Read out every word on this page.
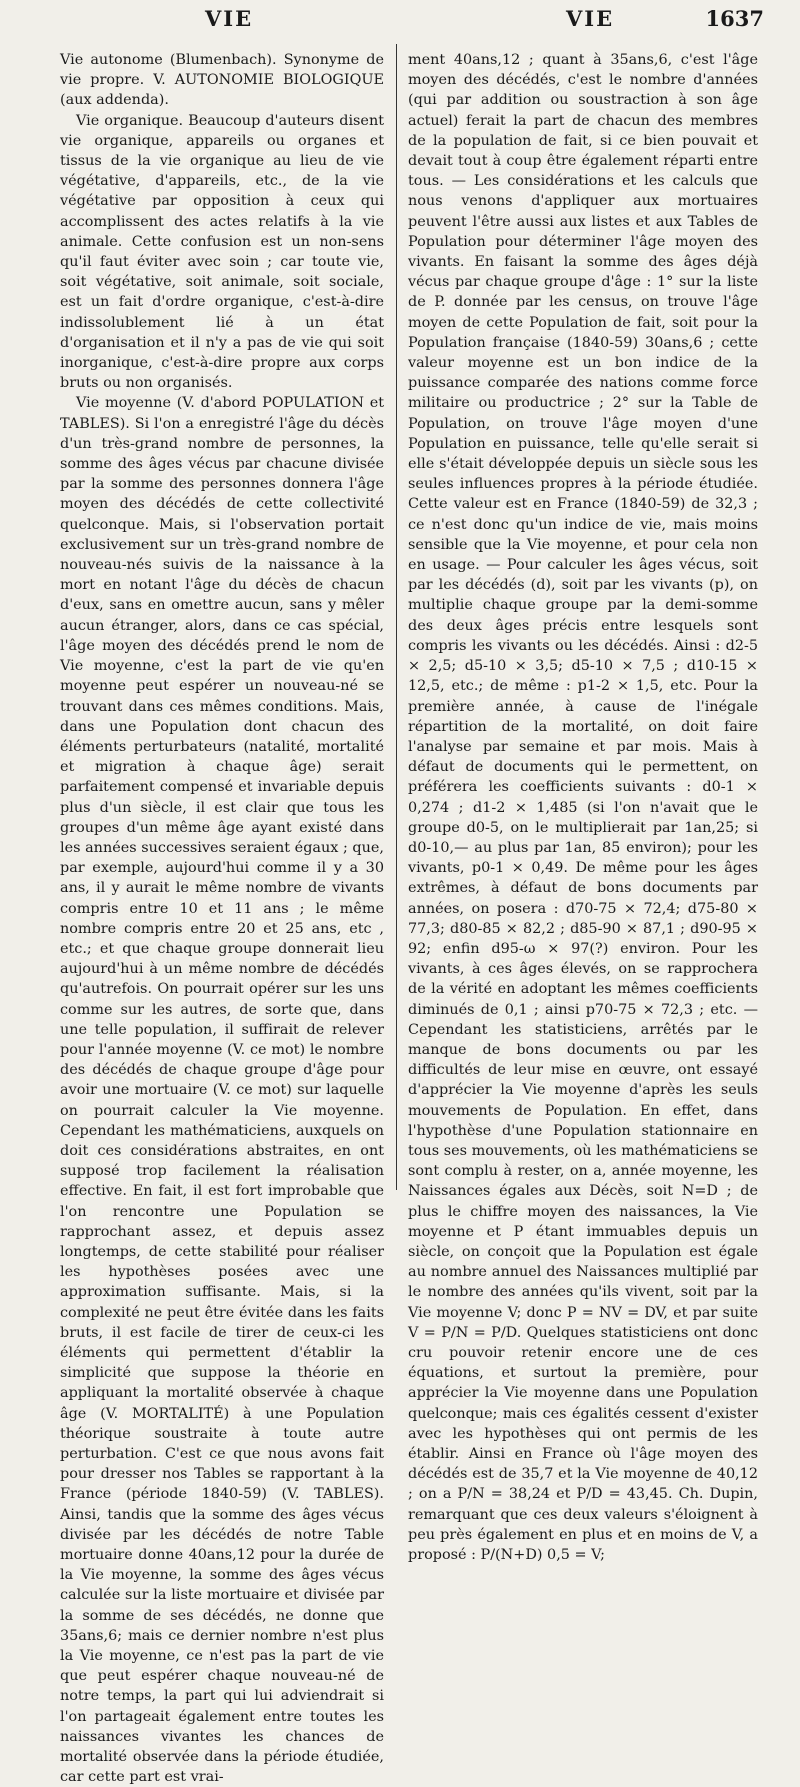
VIE	VIE	1637

Vie autonome (Blumenbach). Synonyme de vie propre. V. AUTONOMIE BIOLOGIQUE (aux addenda).

Vie organique. Beaucoup d'auteurs disent vie organique, appareils ou organes et tissus de la vie organique au lieu de vie végétative, d'appareils, etc., de la vie végétative par opposition à ceux qui accomplissent des actes relatifs à la vie animale. Cette confusion est un non-sens qu'il faut éviter avec soin ; car toute vie, soit végétative, soit animale, soit sociale, est un fait d'ordre organique, c'est-à-dire indissolublement lié à un état d'organisation et il n'y a pas de vie qui soit inorganique, c'est-à-dire propre aux corps bruts ou non organisés.

Vie moyenne (V. d'abord POPULATION et TABLES). Si l'on a enregistré l'âge du décès d'un très-grand nombre de personnes, la somme des âges vécus par chacune divisée par la somme des personnes donnera l'âge moyen des décédés de cette collectivité quelconque. Mais, si l'observation portait exclusivement sur un très-grand nombre de nouveau-nés suivis de la naissance à la mort en notant l'âge du décès de chacun d'eux, sans en omettre aucun, sans y mêler aucun étranger, alors, dans ce cas spécial, l'âge moyen des décédés prend le nom de Vie moyenne, c'est la part de vie qu'en moyenne peut espérer un nouveau-né se trouvant dans ces mêmes conditions. Mais, dans une Population dont chacun des éléments perturbateurs (natalité, mortalité et migration à chaque âge) serait parfaitement compensé et invariable depuis plus d'un siècle, il est clair que tous les groupes d'un même âge ayant existé dans les années successives seraient égaux ; que, par exemple, aujourd'hui comme il y a 30 ans, il y aurait le même nombre de vivants compris entre 10 et 11 ans ; le même nombre compris entre 20 et 25 ans, etc , etc.; et que chaque groupe donnerait lieu aujourd'hui à un même nombre de décédés qu'autrefois. On pourrait opérer sur les uns comme sur les autres, de sorte que, dans une telle population, il suffirait de relever pour l'année moyenne (V. ce mot) le nombre des décédés de chaque groupe d'âge pour avoir une mortuaire (V. ce mot) sur laquelle on pourrait calculer la Vie moyenne. Cependant les mathématiciens, auxquels on doit ces considérations abstraites, en ont supposé trop facilement la réalisation effective. En fait, il est fort improbable que l'on rencontre une Population se rapprochant assez, et depuis assez longtemps, de cette stabilité pour réaliser les hypothèses posées avec une approximation suffisante. Mais, si la complexité ne peut être évitée dans les faits bruts, il est facile de tirer de ceux-ci les éléments qui permettent d'établir la simplicité que suppose la théorie en appliquant la mortalité observée à chaque âge (V. MORTALITÉ) à une Population théorique soustraite à toute autre perturbation. C'est ce que nous avons fait pour dresser nos Tables se rapportant à la France (période 1840-59) (V. TABLES). Ainsi, tandis que la somme des âges vécus divisée par les décédés de notre Table mortuaire donne 40ans,12 pour la durée de la Vie moyenne, la somme des âges vécus calculée sur la liste mortuaire et divisée par la somme de ses décédés, ne donne que 35ans,6; mais ce dernier nombre n'est plus la Vie moyenne, ce n'est pas la part de vie que peut espérer chaque nouveau-né de notre temps, la part qui lui adviendrait si l'on partageait également entre toutes les naissances vivantes les chances de mortalité observée dans la période étudiée, car cette part est vrai-

ment 40ans,12 ; quant à 35ans,6, c'est l'âge moyen des décédés, c'est le nombre d'années (qui par addition ou soustraction à son âge actuel) ferait la part de chacun des membres de la population de fait, si ce bien pouvait et devait tout à coup être également réparti entre tous. — Les considérations et les calculs que nous venons d'appliquer aux mortuaires peuvent l'être aussi aux listes et aux Tables de Population pour déterminer l'âge moyen des vivants. En faisant la somme des âges déjà vécus par chaque groupe d'âge : 1° sur la liste de P. donnée par les census, on trouve l'âge moyen de cette Population de fait, soit pour la Population française (1840-59) 30ans,6 ; cette valeur moyenne est un bon indice de la puissance comparée des nations comme force militaire ou productrice ; 2° sur la Table de Population, on trouve l'âge moyen d'une Population en puissance, telle qu'elle serait si elle s'était développée depuis un siècle sous les seules influences propres à la période étudiée. Cette valeur est en France (1840-59) de 32,3 ; ce n'est donc qu'un indice de vie, mais moins sensible que la Vie moyenne, et pour cela non en usage. — Pour calculer les âges vécus, soit par les décédés (d), soit par les vivants (p), on multiplie chaque groupe par la demi-somme des deux âges précis entre lesquels sont compris les vivants ou les décédés. Ainsi : d2-5 × 2,5; d5-10 × 3,5; d5-10 × 7,5 ; d10-15 × 12,5, etc.; de même : p1-2 × 1,5, etc. Pour la première année, à cause de l'inégale répartition de la mortalité, on doit faire l'analyse par semaine et par mois. Mais à défaut de documents qui le permettent, on préférera les coefficients suivants : d0-1 × 0,274 ; d1-2 × 1,485 (si l'on n'avait que le groupe d0-5, on le multiplierait par 1an,25; si d0-10,— au plus par 1an, 85 environ); pour les vivants, p0-1 × 0,49. De même pour les âges extrêmes, à défaut de bons documents par années, on posera : d70-75 × 72,4; d75-80 × 77,3; d80-85 × 82,2 ; d85-90 × 87,1 ; d90-95 × 92; enfin d95-ω × 97(?) environ. Pour les vivants, à ces âges élevés, on se rapprochera de la vérité en adoptant les mêmes coefficients diminués de 0,1 ; ainsi p70-75 × 72,3 ; etc. — Cependant les statisticiens, arrêtés par le manque de bons documents ou par les difficultés de leur mise en œuvre, ont essayé d'apprécier la Vie moyenne d'après les seuls mouvements de Population. En effet, dans l'hypothèse d'une Population stationnaire en tous ses mouvements, où les mathématiciens se sont complu à rester, on a, année moyenne, les Naissances égales aux Décès, soit N=D ; de plus le chiffre moyen des naissances, la Vie moyenne et P étant immuables depuis un siècle, on conçoit que la Population est égale au nombre annuel des Naissances multiplié par le nombre des années qu'ils vivent, soit par la Vie moyenne V; donc P = NV = DV, et par suite V = P/N = P/D. Quelques statisticiens ont donc cru pouvoir retenir encore une de ces équations, et surtout la première, pour apprécier la Vie moyenne dans une Population quelconque; mais ces égalités cessent d'exister avec les hypothèses qui ont permis de les établir. Ainsi en France où l'âge moyen des décédés est de 35,7 et la Vie moyenne de 40,12 ; on a P/N = 38,24 et P/D = 43,45. Ch. Dupin, remarquant que ces deux valeurs s'éloignent à peu près également en plus et en moins de V, a proposé : P/(N+D) 0,5 = V;
